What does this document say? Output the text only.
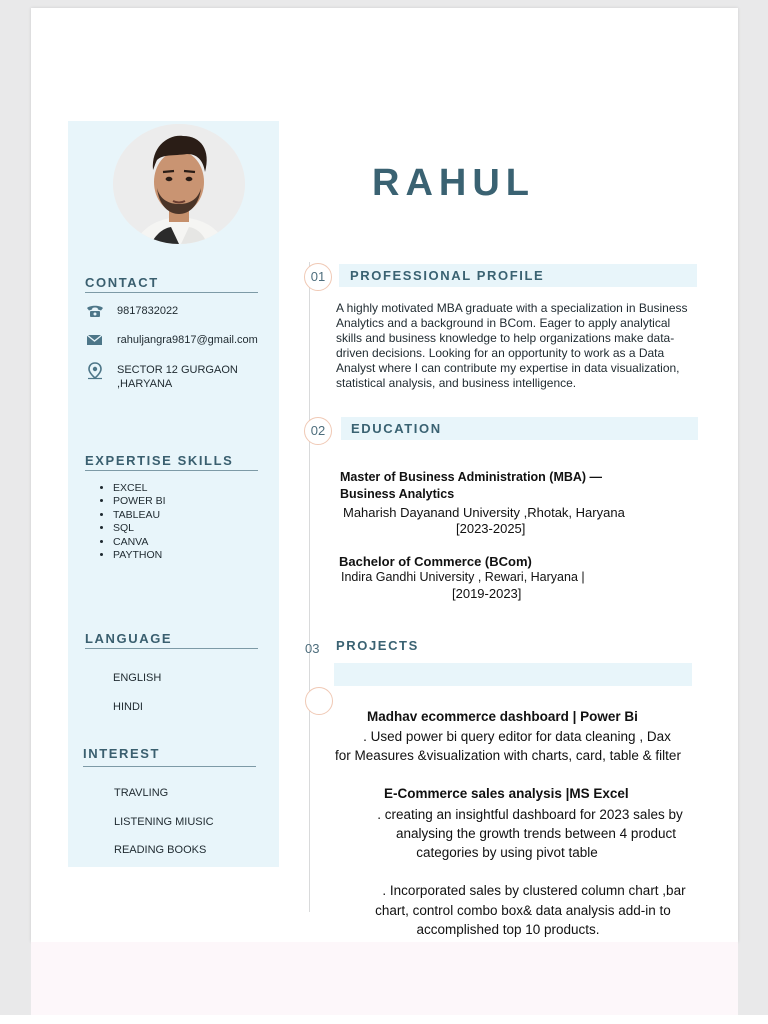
CONTACT
9817832022
rahuljangra9817@gmail.com
SECTOR 12 GURGAON
,HARYANA
EXPERTISE SKILLS
• EXCEL
• POWER BI
• TABLEAU
• SQL
• CANVA
• PAYTHON
LANGUAGE
ENGLISH
HINDI
INTEREST
TRAVLING
LISTENING MIUSIC
READING BOOKS
RAHUL
01	PROFESSIONAL PROFILE

A highly motivated MBA graduate with a specialization in Business Analytics and a background in BCom. Eager to apply analytical skills and business knowledge to help organizations make data-driven decisions. Looking for an opportunity to work as a Data Analyst where I can contribute my expertise in data visualization, statistical analysis, and business intelligence.

02	EDUCATION
Master of Business Administration (MBA) —
Business Analytics
Maharish Dayanand University ,Rhotak, Haryana
[2023-2025]
Bachelor of Commerce (BCom)
Indira Gandhi University , Rewari, Haryana |
[2019-2023]
03 PROJECTS
Madhav ecommerce dashboard | Power Bi
. Used power bi query editor for data cleaning , Dax
for Measures &visualization with charts, card, table & filter
E-Commerce sales analysis |MS Excel
. creating an insightful dashboard for 2023 sales by
analysing the growth trends between 4 product
categories by using pivot table
. Incorporated sales by clustered column chart ,bar
chart, control combo box& data analysis add-in to
accomplished top 10 products.
